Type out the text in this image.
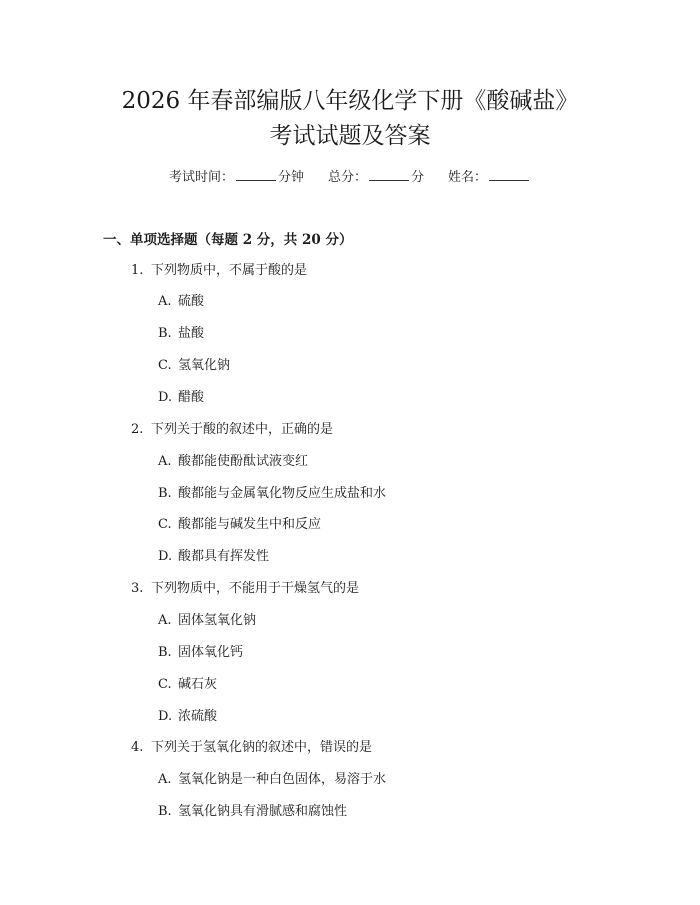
2026 年春部编版八年级化学下册《酸碱盐》
考试试题及答案
考试时间：	分钟 总分：	分 姓名：
一、单项选择题（每题 2 分，共 20 分）
1. 下列物质中，不属于酸的是
A. 硫酸
B. 盐酸
C. 氢氧化钠
D. 醋酸
2. 下列关于酸的叙述中，正确的是
A. 酸都能使酚酞试液变红
B. 酸都能与金属氧化物反应生成盐和水
C. 酸都能与碱发生中和反应
D. 酸都具有挥发性
3. 下列物质中，不能用于干燥氢气的是
A. 固体氢氧化钠
B. 固体氧化钙
C. 碱石灰
D. 浓硫酸
4. 下列关于氢氧化钠的叙述中，错误的是
A. 氢氧化钠是一种白色固体，易溶于水
B. 氢氧化钠具有滑腻感和腐蚀性
